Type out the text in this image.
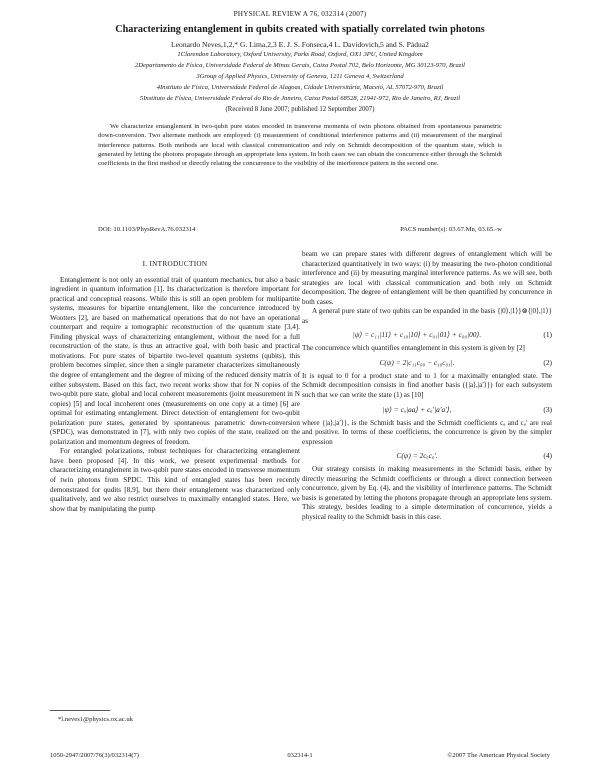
PHYSICAL REVIEW A 76, 032314 (2007)
Characterizing entanglement in qubits created with spatially correlated twin photons
Leonardo Neves,1,2,* G. Lima,2,3 E. J. S. Fonseca,4 L. Davidovich,5 and S. Pádua2
1Clarendon Laboratory, Oxford University, Parks Road, Oxford, OX1 3PU, United Kingdom
2Departamento de Física, Universidade Federal de Minas Gerais, Caixa Postal 702, Belo Horizonte, MG 30123-970, Brazil
3Group of Applied Physics, University of Geneva, 1211 Geneva 4, Switzerland
4Instituto de Física, Universidade Federal de Alagoas, Cidade Universitária, Maceió, AL 57072-970, Brazil
5Instituto de Física, Universidade Federal do Rio de Janeiro, Caixa Postal 68528, 21941-972, Rio de Janeiro, RJ, Brazil
(Received 8 June 2007; published 12 September 2007)
We characterize entanglement in two-qubit pure states encoded in transverse momenta of twin photons obtained from spontaneous parametric down-conversion. Two alternate methods are employed: (i) measurement of conditional interference patterns and (ii) measurement of the marginal interference patterns. Both methods are local with classical communication and rely on Schmidt decomposition of the quantum state, which is generated by letting the photons propagate through an appropriate lens system. In both cases we can obtain the concurrence either through the Schmidt coefficients in the first method or directly relating the concurrence to the visibility of the interference pattern in the second one.
DOI: 10.1103/PhysRevA.76.032314	PACS number(s): 03.67.Mn, 03.65.-w
I. INTRODUCTION

Entanglement is not only an essential trait of quantum mechanics, but also a basic ingredient in quantum information [1]. Its characterization is therefore important for practical and conceptual reasons. While this is still an open problem for multipartite systems, measures for bipartite entanglement, like the concurrence introduced by Wootters [2], are based on mathematical operations that do not have an operational counterpart and require a tomographic reconstruction of the quantum state [3,4]. Finding physical ways of characterizing entanglement, without the need for a full reconstruction of the state, is thus an attractive goal, with both basic and practical motivations. For pure states of bipartite two-level quantum systems (qubits), this problem becomes simpler, since then a single parameter characterizes simultaneously the degree of entanglement and the degree of mixing of the reduced density matrix of either subsystem. Based on this fact, two recent works show that for N copies of the two-qubit pure state, global and local coherent measurements (joint measurement in N copies) [5] and local incoherent ones (measurements on one copy at a time) [6] are optimal for estimating entanglement. Direct detection of entanglement for two-qubit polarization pure states, generated by spontaneous parametric down-conversion (SPDC), was demonstrated in [7], with only two copies of the state, realized on the polarization and momentum degrees of freedom.

For entangled polarizations, robust techniques for characterizing entanglement have been proposed [4]. In this work, we present experimental methods for characterizing entanglement in two-qubit pure states encoded in transverse momentum of twin photons from SPDC. This kind of entangled states has been recently demonstrated for qudits [8,9], but there their entanglement was characterized only qualitatively, and we also restrict ourselves to maximally entangled states. Here, we show that by manipulating the pump

beam we can prepare states with different degrees of entanglement which will be characterized quantitatively in two ways: (i) by measuring the two-photon conditional interference and (ii) by measuring marginal interference patterns. As we will see, both strategies are local with classical communication and both rely on Schmidt decomposition. The degree of entanglement will be then quantified by concurrence in both cases.

A general pure state of two qubits can be expanded in the basis {|0⟩,|1⟩}⊗{|0⟩,|1⟩} as

|ψ⟩ = c₁₁|11⟩ + c₁₀|10⟩ + c₀₁|01⟩ + c₀₀|00⟩.	(1)

The concurrence which quantifies entanglement in this system is given by [2]

C(ψ) = 2|c₁₁c₀₀ − c₁₀c₀₁|.	(2)

It is equal to 0 for a product state and to 1 for a maximally entangled state. The Schmidt decomposition consists in find another basis ({|a⟩,|a′⟩}) for each subsystem such that we can write the state (1) as [10]

|ψ⟩ = cₐ|aa⟩ + cₐ′|a′a′⟩,	(3)

where {|a⟩,|a′⟩}, is the Schmidt basis and the Schmidt coefficients cₐ and cₐ′ are real and positive. In terms of these coefficients, the concurrence is given by the simpler expression

C(ψ) = 2cₐcₐ′.	(4)

Our strategy consists in making measurements in the Schmidt basis, either by directly measuring the Schmidt coefficients or through a direct connection between concurrence, given by Eq. (4), and the visibility of interference patterns. The Schmidt basis is generated by letting the photons propagate through an appropriate lens system. This strategy, besides leading to a simple determination of concurrence, yields a physical reality to the Schmidt basis in this case.

*l.neves1@physics.ox.ac.uk
1050-2947/2007/76(3)/032314(7)	032314-1	©2007 The American Physical Society
